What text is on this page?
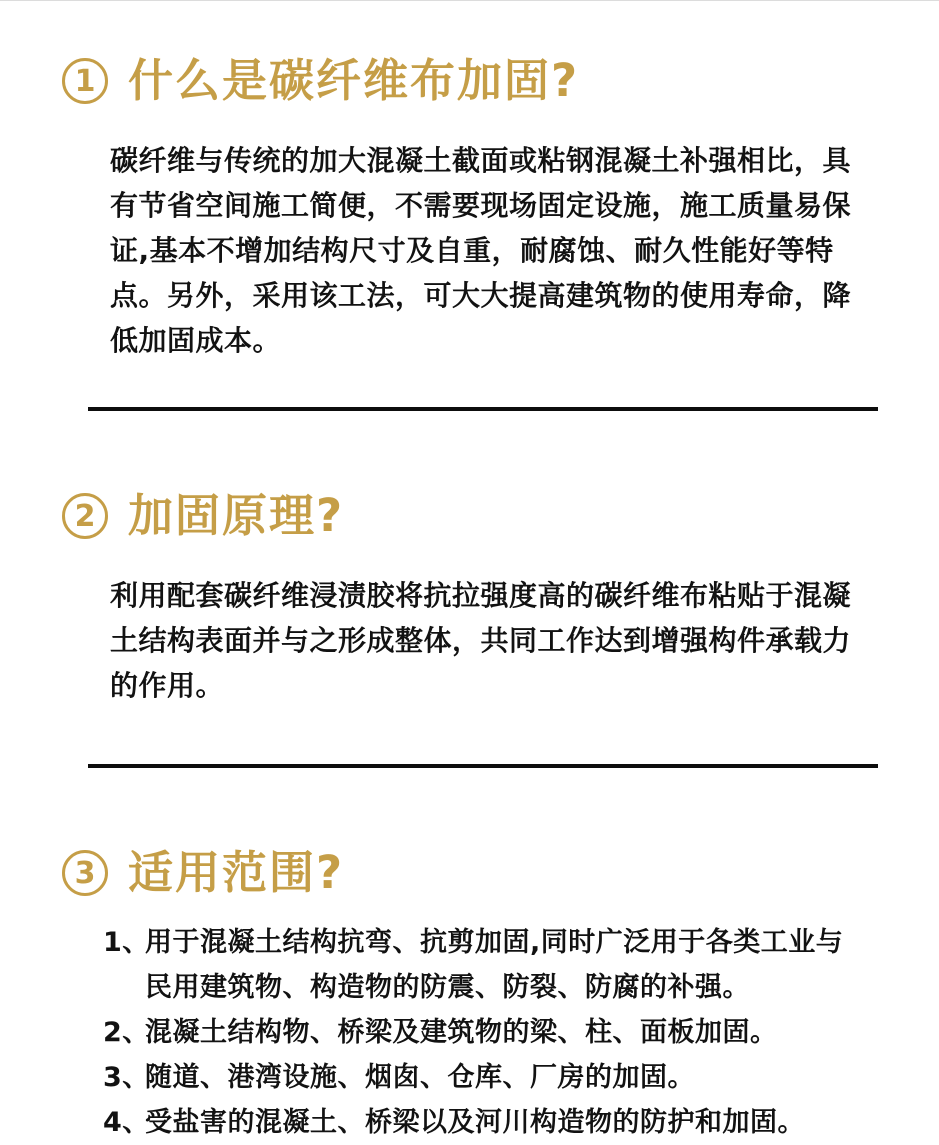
1 什么是碳纤维布加固?

碳纤维与传统的加大混凝土截面或粘钢混凝土补强相比，具有节省空间施工简便，不需要现场固定设施，施工质量易保证,基本不增加结构尺寸及自重，耐腐蚀、耐久性能好等特点。另外，采用该工法，可大大提高建筑物的使用寿命，降低加固成本。

2 加固原理?

利用配套碳纤维浸渍胶将抗拉强度高的碳纤维布粘贴于混凝土结构表面并与之形成整体，共同工作达到增强构件承载力的作用。

3 适用范围?
1、
用于混凝土结构抗弯、抗剪加固,同时广泛用于各类工业与民用建筑物、构造物的防震、防裂、防腐的补强。
2、
混凝土结构物、桥梁及建筑物的梁、柱、面板加固。
3、
随道、港湾设施、烟囱、仓库、厂房的加固。
4、
受盐害的混凝土、桥梁以及河川构造物的防护和加固。
